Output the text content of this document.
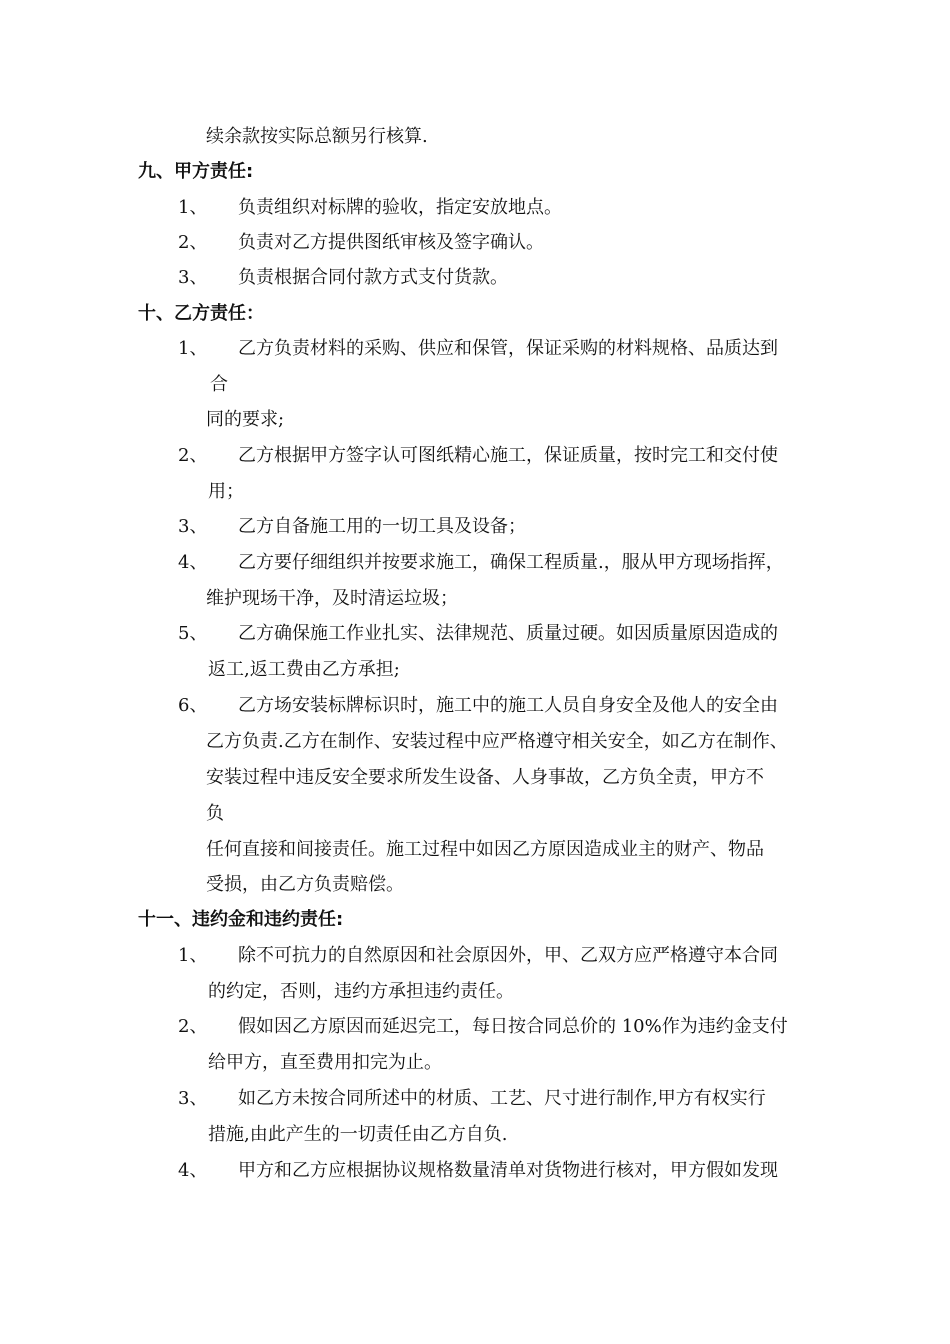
续余款按实际总额另行核算.
九、甲方责任:
1、 负责组织对标牌的验收，指定安放地点。
2、 负责对乙方提供图纸审核及签字确认。
3、 负责根据合同付款方式支付货款。
十、乙方责任：
1、 乙方负责材料的采购、供应和保管，保证采购的材料规格、品质达到
合
同的要求;
2、 乙方根据甲方签字认可图纸精心施工，保证质量，按时完工和交付使
用；
3、 乙方自备施工用的一切工具及设备；
4、 乙方要仔细组织并按要求施工，确保工程质量.，服从甲方现场指挥，
维护现场干净，及时清运垃圾；
5、 乙方确保施工作业扎实、法律规范、质量过硬。如因质量原因造成的
返工,返工费由乙方承担;
6、 乙方场安装标牌标识时，施工中的施工人员自身安全及他人的安全由
乙方负责.乙方在制作、安装过程中应严格遵守相关安全，如乙方在制作、
安装过程中违反安全要求所发生设备、人身事故，乙方负全责，甲方不
负
任何直接和间接责任。施工过程中如因乙方原因造成业主的财产、物品
受损，由乙方负责赔偿。
十一、违约金和违约责任:
1、 除不可抗力的自然原因和社会原因外，甲、乙双方应严格遵守本合同
的约定，否则，违约方承担违约责任。
2、 假如因乙方原因而延迟完工，每日按合同总价的 10%作为违约金支付
给甲方，直至费用扣完为止。
3、 如乙方未按合同所述中的材质、工艺、尺寸进行制作,甲方有权实行
措施,由此产生的一切责任由乙方自负.
4、 甲方和乙方应根据协议规格数量清单对货物进行核对，甲方假如发现
